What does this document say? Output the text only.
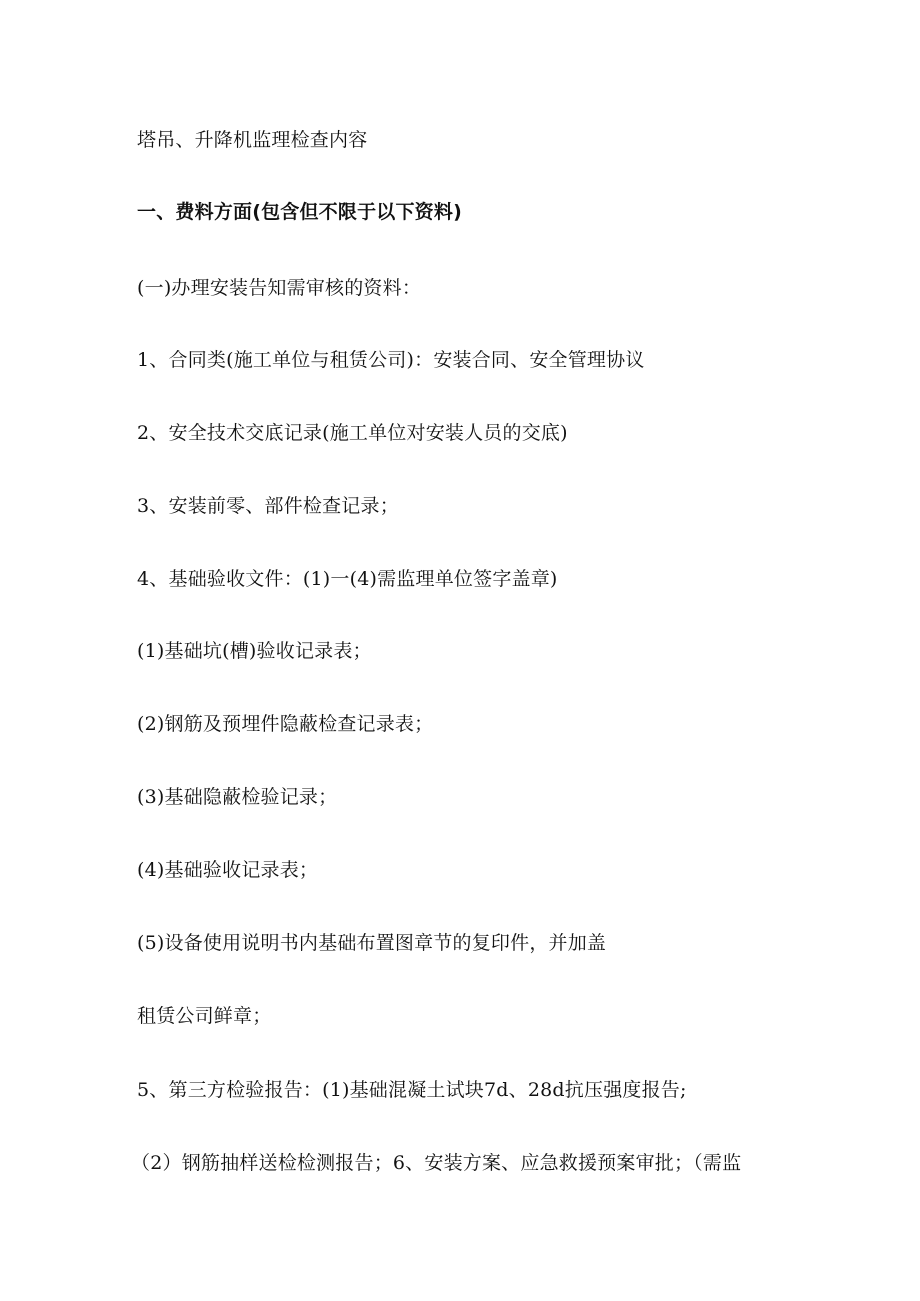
塔吊、升降机监理检查内容
一、费料方面(包含但不限于以下资料)
(一)办理安装告知需审核的资料：
1、合同类(施工单位与租赁公司)：安装合同、安全管理协议
2、安全技术交底记录(施工单位对安装人员的交底)
3、安装前零、部件检查记录；
4、基础验收文件：(1)一(4)需监理单位签字盖章)
(1)基础坑(槽)验收记录表；
(2)钢筋及预埋件隐蔽检查记录表；
(3)基础隐蔽检验记录；
(4)基础验收记录表；
(5)设备使用说明书内基础布置图章节的复印件，并加盖
租赁公司鲜章；
5、第三方检验报告：(1)基础混凝土试块7d、28d抗压强度报告;
（2）钢筋抽样送检检测报告；6、安装方案、应急救援预案审批；（需监
